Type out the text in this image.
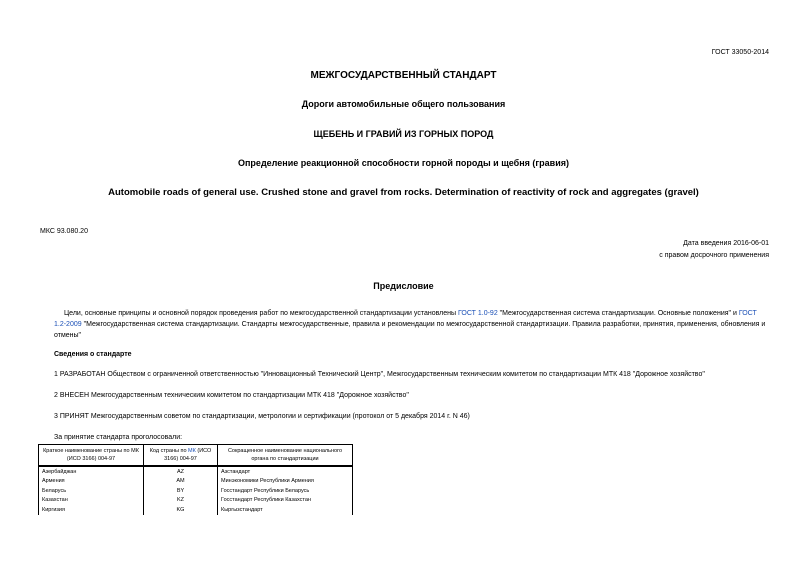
ГОСТ 33050-2014
МЕЖГОСУДАРСТВЕННЫЙ СТАНДАРТ
Дороги автомобильные общего пользования
ЩЕБЕНЬ И ГРАВИЙ ИЗ ГОРНЫХ ПОРОД
Определение реакционной способности горной породы и щебня (гравия)
Automobile roads of general use. Crushed stone and gravel from rocks. Determination of reactivity of rock and aggregates (gravel)
МКС 93.080.20
Дата введения 2016-06-01
с правом досрочного применения
Предисловие
Цели, основные принципы и основной порядок проведения работ по межгосударственной стандартизации установлены ГОСТ 1.0-92 "Межгосударственная система стандартизации. Основные положения" и ГОСТ 1.2-2009 "Межгосударственная система стандартизации. Стандарты межгосударственные, правила и рекомендации по межгосударственной стандартизации. Правила разработки, принятия, применения, обновления и отмены"
Сведения о стандарте
1 РАЗРАБОТАН Обществом с ограниченной ответственностью "Инновационный Технический Центр", Межгосударственным техническим комитетом по стандартизации МТК 418 "Дорожное хозяйство"
2 ВНЕСЕН Межгосударственным техническим комитетом по стандартизации МТК 418 "Дорожное хозяйство"
3 ПРИНЯТ Межгосударственным советом по стандартизации, метрологии и сертификации (протокол от 5 декабря 2014 г. N 46)
За принятие стандарта проголосовали:
Краткое наименование страны по МК (ИСО 3166) 004-97	Код страны по МК (ИСО 3166) 004-97	Сокращенное наименование национального органа по стандартизации
Азербайджан	AZ	Азстандарт
Армения	AM	Минэкономики Республики Армения
Беларусь	BY	Госстандарт Республики Беларусь
Казахстан	KZ	Госстандарт Республики Казахстан
Киргизия	KG	Кыргызстандарт
